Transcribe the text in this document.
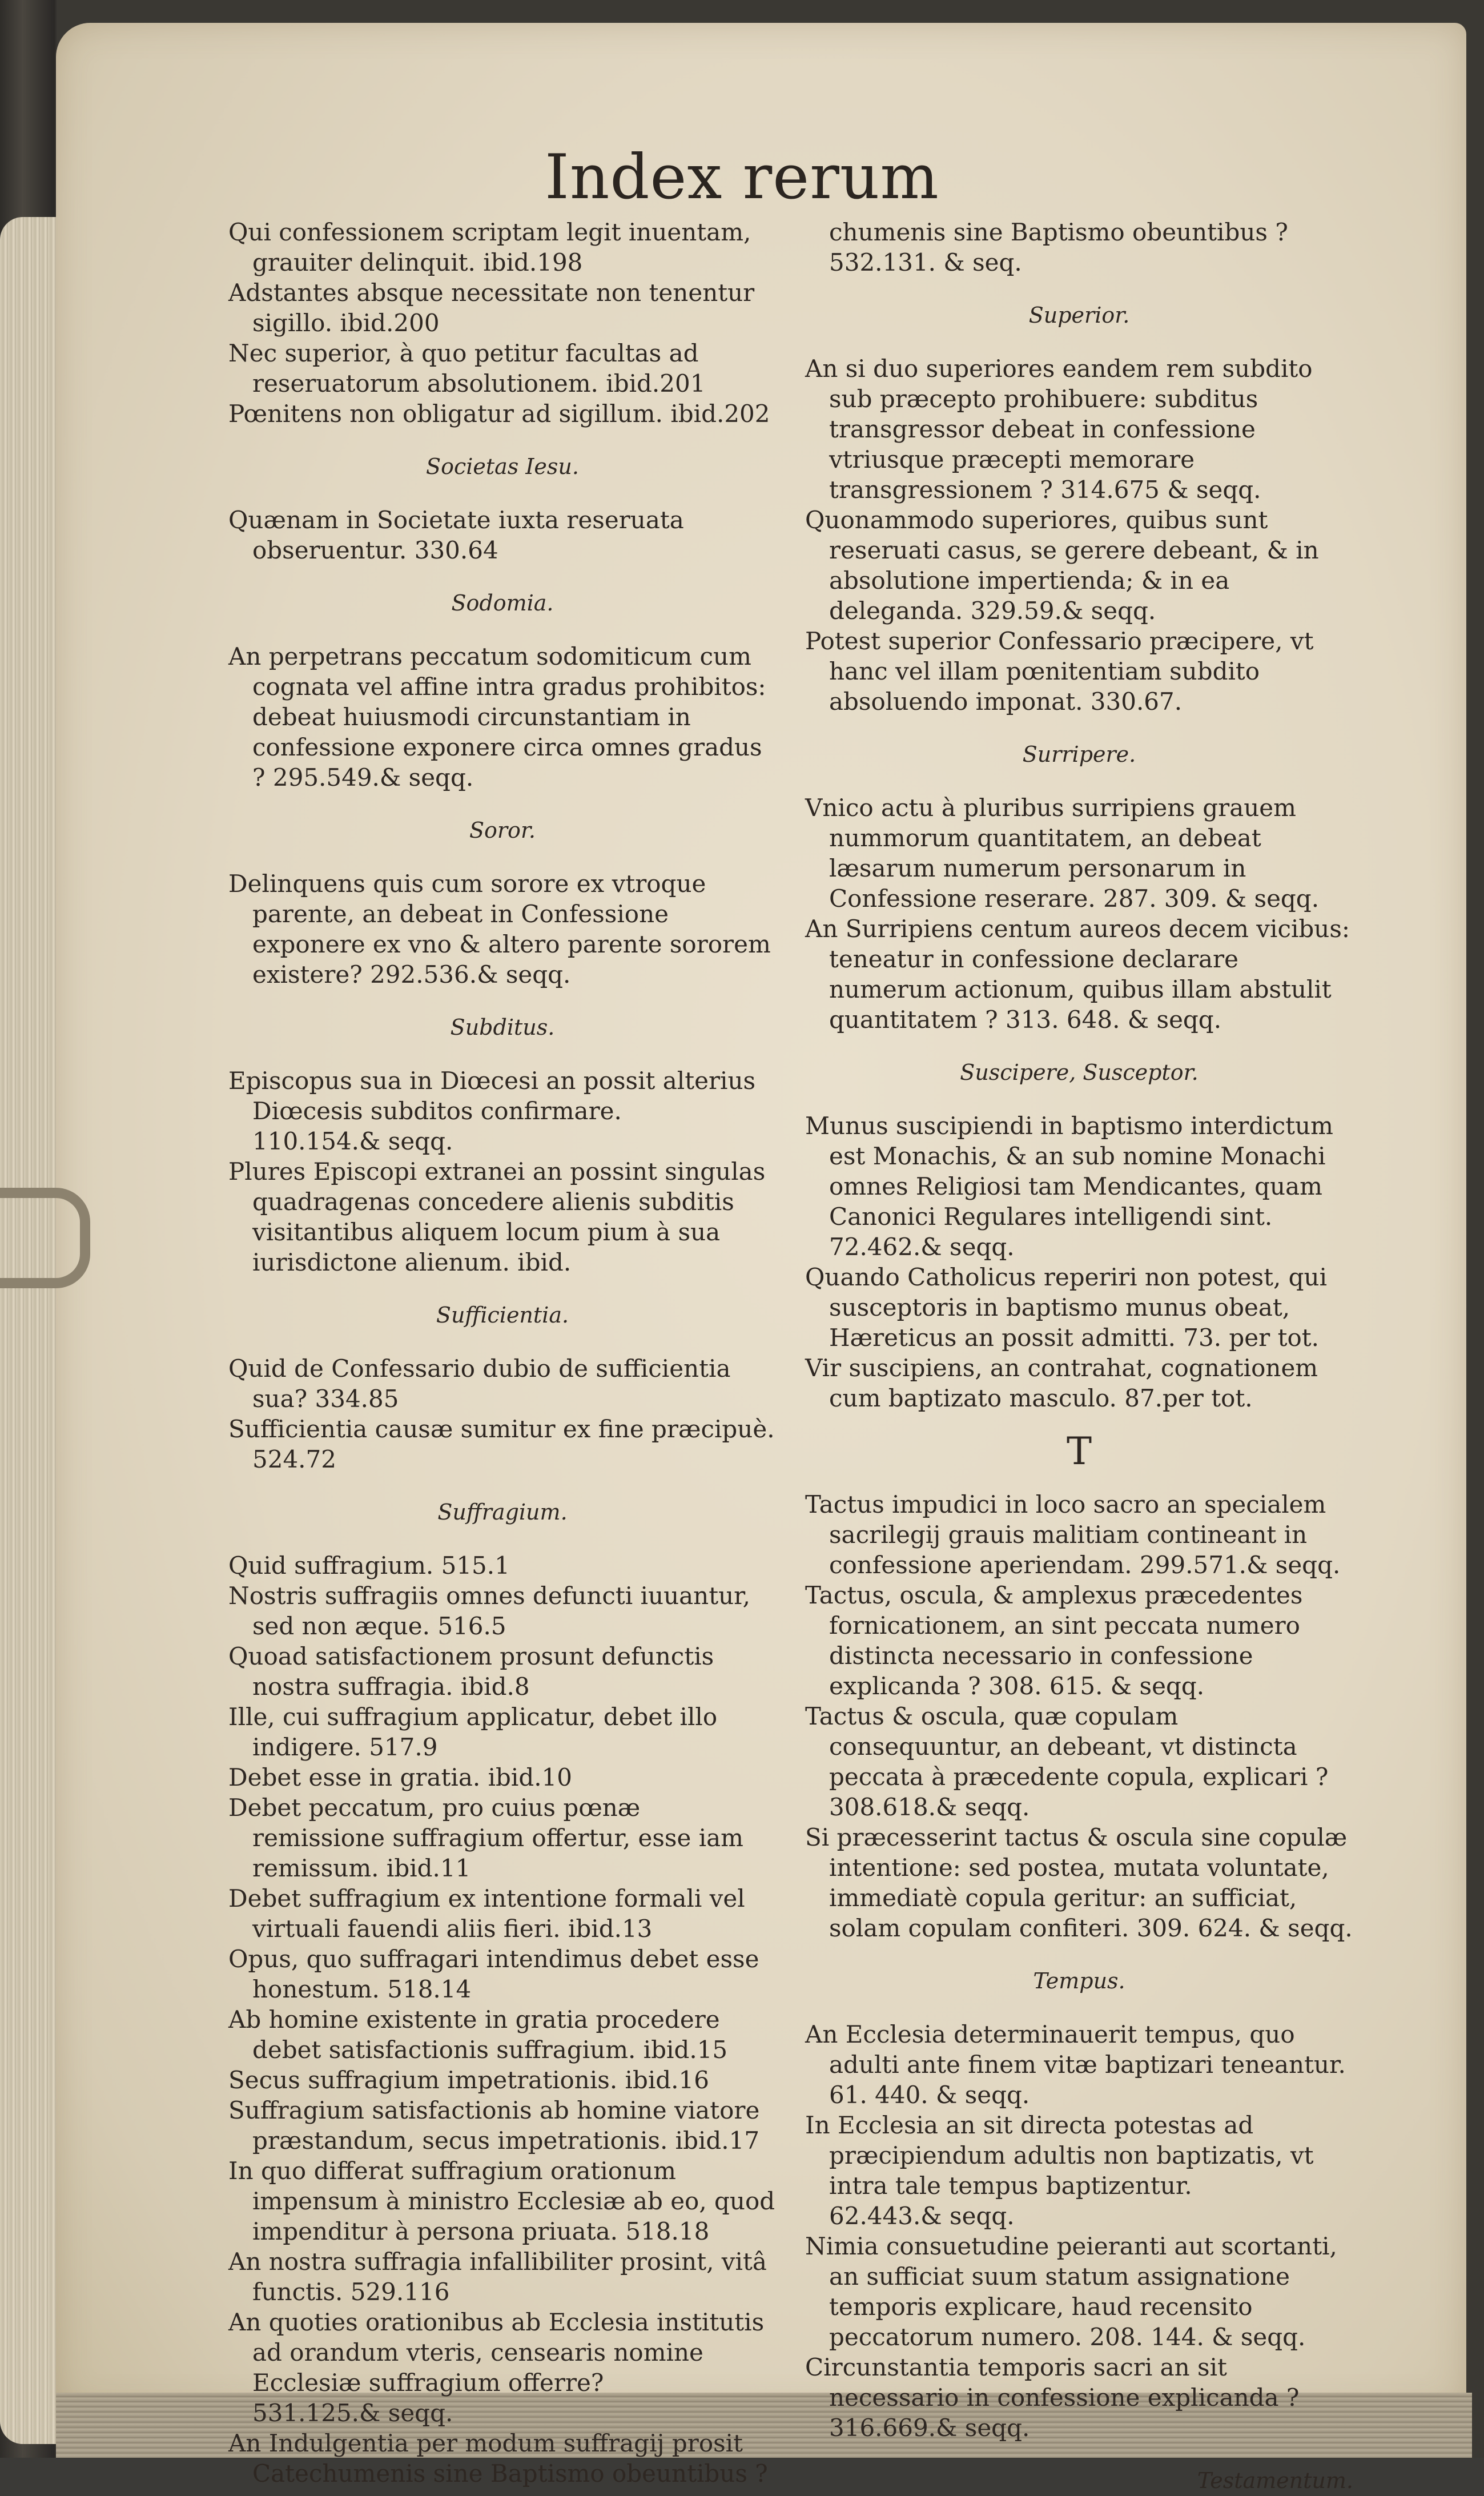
Index rerum
Qui confessionem scriptam legit inuentam, grauiter delinquit. ibid.198
Adstantes absque necessitate non tenentur sigillo. ibid.200
Nec superior, à quo petitur facultas ad reseruatorum absolutionem. ibid.201
Pœnitens non obligatur ad sigillum. ibid.202
Societas Iesu.
Quænam in Societate iuxta reseruata obseruentur. 330.64
Sodomia.
An perpetrans peccatum sodomiticum cum cognata vel affine intra gradus prohibitos: debeat huiusmodi circunstantiam in confessione exponere circa omnes gradus ? 295.549.& seqq.
Soror.
Delinquens quis cum sorore ex vtroque parente, an debeat in Confessione exponere ex vno & altero parente sororem existere? 292.536.& seqq.
Subditus.
Episcopus sua in Diœcesi an possit alterius Diœcesis subditos confirmare. 110.154.& seqq.
Plures Episcopi extranei an possint singulas quadragenas concedere alienis subditis visitantibus aliquem locum pium à sua iurisdictone alienum. ibid.
Sufficientia.
Quid de Confessario dubio de sufficientia sua? 334.85
Sufficientia causæ sumitur ex fine præcipuè. 524.72
Suffragium.
Quid suffragium. 515.1
Nostris suffragiis omnes defuncti iuuantur, sed non æque. 516.5
Quoad satisfactionem prosunt defunctis nostra suffragia. ibid.8
Ille, cui suffragium applicatur, debet illo indigere. 517.9
Debet esse in gratia. ibid.10
Debet peccatum, pro cuius pœnæ remissione suffragium offertur, esse iam remissum. ibid.11
Debet suffragium ex intentione formali vel virtuali fauendi aliis fieri. ibid.13
Opus, quo suffragari intendimus debet esse honestum. 518.14
Ab homine existente in gratia procedere debet satisfactionis suffragium. ibid.15
Secus suffragium impetrationis. ibid.16
Suffragium satisfactionis ab homine viatore præstandum, secus impetrationis. ibid.17
In quo differat suffragium orationum impensum à ministro Ecclesiæ ab eo, quod impenditur à persona priuata. 518.18
An nostra suffragia infallibiliter prosint, vitâ functis. 529.116
An quoties orationibus ab Ecclesia institutis ad orandum vteris, censearis nomine Ecclesiæ suffragium offerre? 531.125.& seqq.
An Indulgentia per modum suffragij prosit Catechumenis sine Baptismo obeuntibus ?
chumenis sine Baptismo obeuntibus ? 532.131. & seq.
Superior.
An si duo superiores eandem rem subdito sub præcepto prohibuere: subditus transgressor debeat in confessione vtriusque præcepti memorare transgressionem ? 314.675 & seqq.
Quonammodo superiores, quibus sunt reseruati casus, se gerere debeant, & in absolutione impertienda; & in ea deleganda. 329.59.& seqq.
Potest superior Confessario præcipere, vt hanc vel illam pœnitentiam subdito absoluendo imponat. 330.67.
Surripere.
Vnico actu à pluribus surripiens grauem nummorum quantitatem, an debeat læsarum numerum personarum in Confessione reserare. 287. 309. & seqq.
An Surripiens centum aureos decem vicibus: teneatur in confessione declarare numerum actionum, quibus illam abstulit quantitatem ? 313. 648. & seqq.
Suscipere, Susceptor.
Munus suscipiendi in baptismo interdictum est Monachis, & an sub nomine Monachi omnes Religiosi tam Mendicantes, quam Canonici Regulares intelligendi sint. 72.462.& seqq.
Quando Catholicus reperiri non potest, qui susceptoris in baptismo munus obeat, Hæreticus an possit admitti. 73. per tot.
Vir suscipiens, an contrahat, cognationem cum baptizato masculo. 87.per tot.
T
Tactus impudici in loco sacro an specialem sacrilegij grauis malitiam contineant in confessione aperiendam. 299.571.& seqq.
Tactus, oscula, & amplexus præcedentes fornicationem, an sint peccata numero distincta necessario in confessione explicanda ? 308. 615. & seqq.
Tactus & oscula, quæ copulam consequuntur, an debeant, vt distincta peccata à præcedente copula, explicari ? 308.618.& seqq.
Si præcesserint tactus & oscula sine copulæ intentione: sed postea, mutata voluntate, immediatè copula geritur: an sufficiat, solam copulam confiteri. 309. 624. & seqq.
Tempus.
An Ecclesia determinauerit tempus, quo adulti ante finem vitæ baptizari teneantur. 61. 440. & seqq.
In Ecclesia an sit directa potestas ad præcipiendum adultis non baptizatis, vt intra tale tempus baptizentur. 62.443.& seqq.
Nimia consuetudine peieranti aut scortanti, an sufficiat suum statum assignatione temporis explicare, haud recensito peccatorum numero. 208. 144. & seqq.
Circunstantia temporis sacri an sit necessario in confessione explicanda ? 316.669.& seqq.
Testamentum.
